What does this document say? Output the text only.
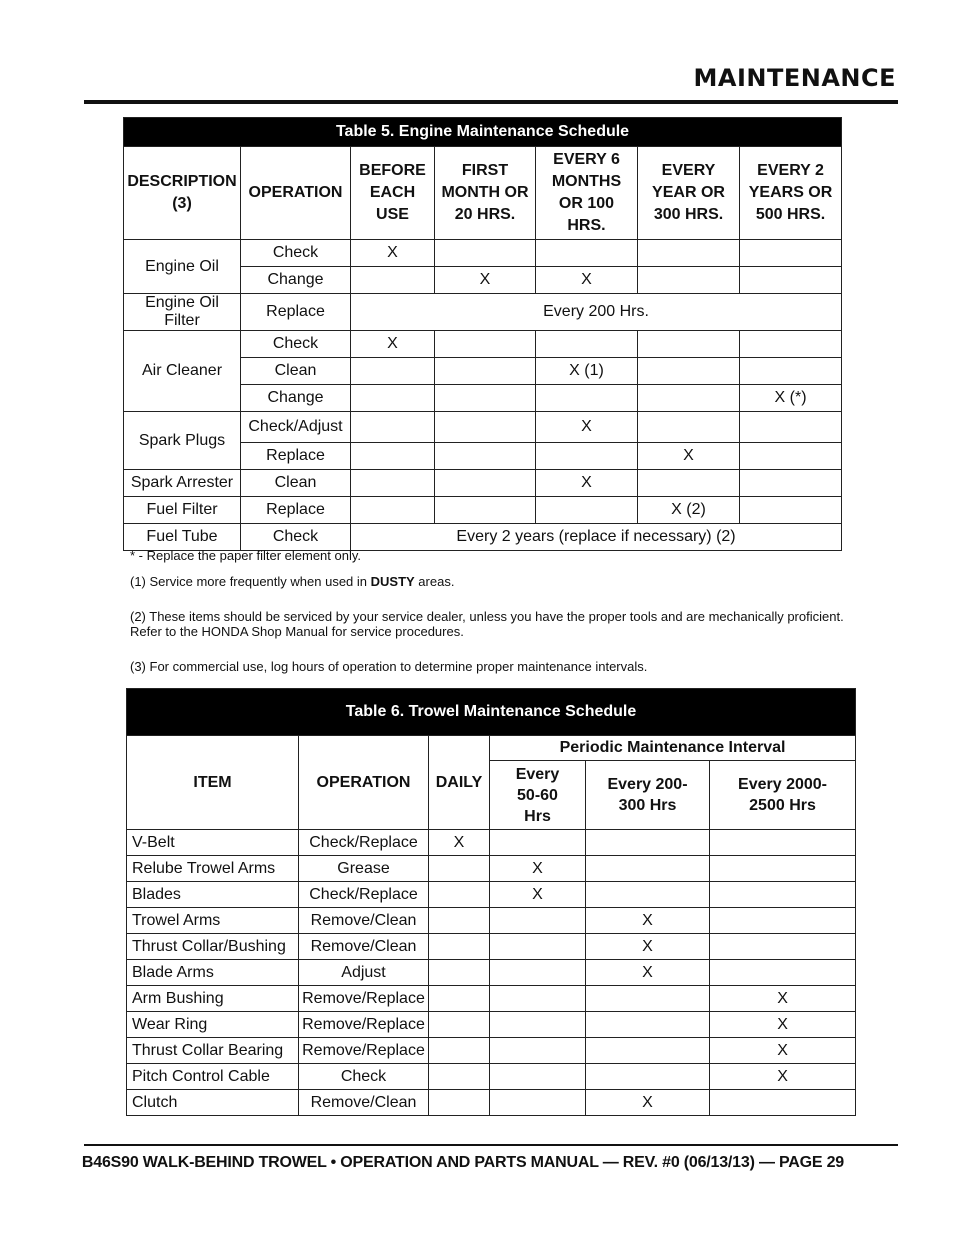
MAINTENANCE
Table 5. Engine Maintenance Schedule						
DESCRIPTION (3)	OPERATION	BEFORE EACH USE	FIRST MONTH OR 20 HRS.	EVERY 6 MONTHS OR 100 HRS.	EVERY YEAR OR 300 HRS.	EVERY 2 YEARS OR 500 HRS.
Engine Oil	Check	X				
	Change		X	X		
Engine Oil Filter	Replace	Every 200 Hrs.				
Air Cleaner	Check	X				
	Clean			X (1)		
	Change					X (*)
Spark Plugs	Check/Adjust			X		
	Replace				X	
Spark Arrester	Clean			X		
Fuel Filter	Replace				X (2)	
Fuel Tube	Check	Every 2 years (replace if necessary) (2)				
* - Replace the paper filter element only.
(1) Service more frequently when used in DUSTY areas.
(2) These items should be serviced by your service dealer, unless you have the proper tools and are mechanically proficient. Refer to the HONDA Shop Manual for service procedures.
(3) For commercial use, log hours of operation to determine proper maintenance intervals.
Table 6. Trowel Maintenance Schedule					
ITEM	OPERATION	DAILY	Periodic Maintenance Interval		
			Every 50-60 Hrs	Every 200-300 Hrs	Every 2000-2500 Hrs
V-Belt	Check/Replace	X			
Relube Trowel Arms	Grease		X		
Blades	Check/Replace		X		
Trowel Arms	Remove/Clean			X	
Thrust Collar/Bushing	Remove/Clean			X	
Blade Arms	Adjust			X	
Arm Bushing	Remove/Replace				X
Wear Ring	Remove/Replace				X
Thrust Collar Bearing	Remove/Replace				X
Pitch Control Cable	Check				X
Clutch	Remove/Clean			X	
B46S90 WALK-BEHIND TROWEL • OPERATION AND PARTS MANUAL — REV. #0 (06/13/13) — PAGE 29
